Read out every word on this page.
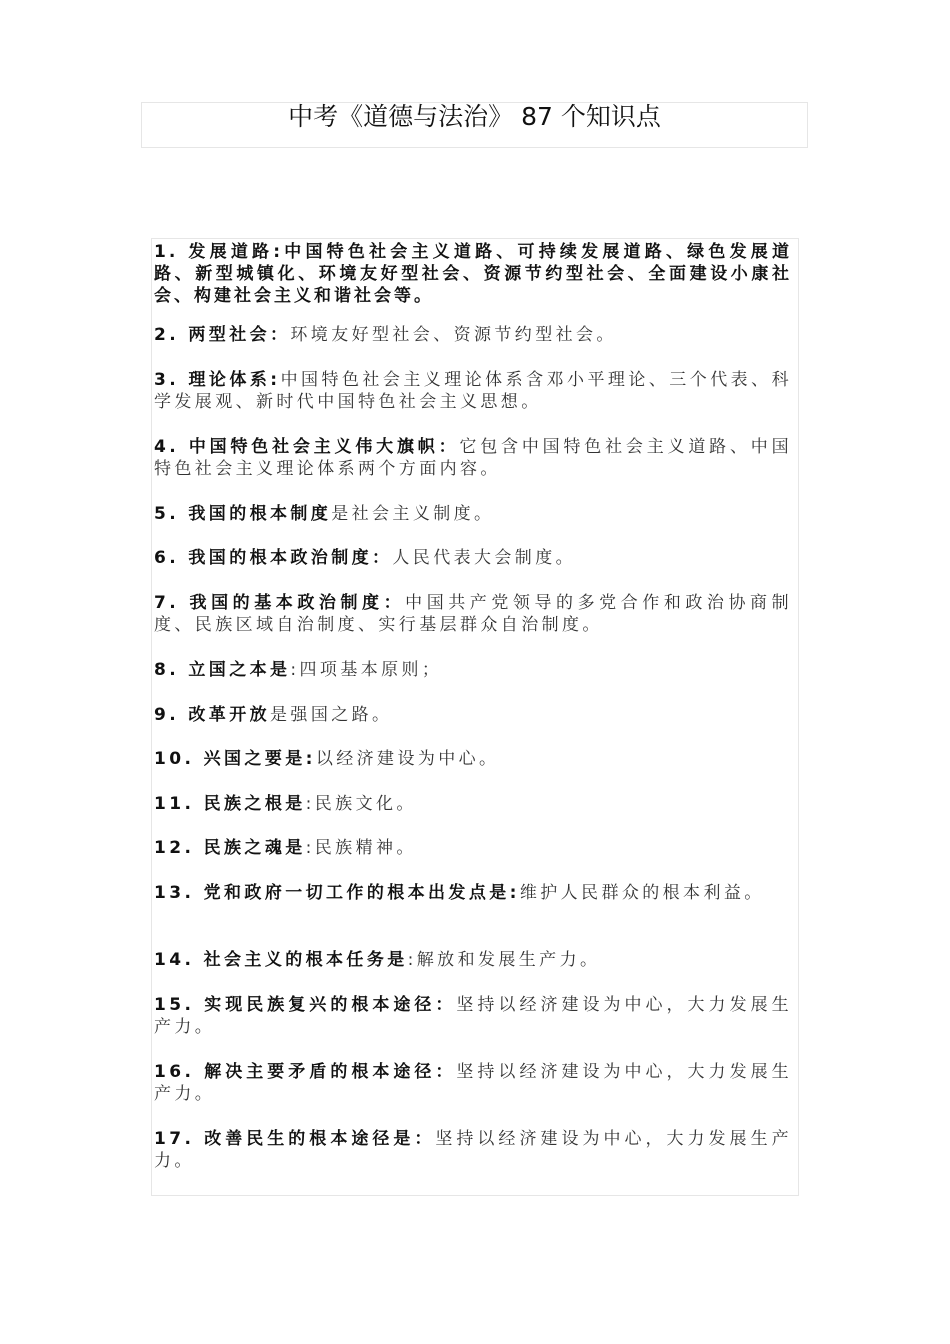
中考《道德与法治》 87 个知识点
1. 发展道路:中国特色社会主义道路、可持续发展道路、绿色发展道路、新型城镇化、环境友好型社会、资源节约型社会、全面建设小康社会、构建社会主义和谐社会等。
2. 两型社会：环境友好型社会、资源节约型社会。
3. 理论体系:中国特色社会主义理论体系含邓小平理论、三个代表、科学发展观、新时代中国特色社会主义思想。
4. 中国特色社会主义伟大旗帜：它包含中国特色社会主义道路、中国特色社会主义理论体系两个方面内容。
5. 我国的根本制度是社会主义制度。
6. 我国的根本政治制度：人民代表大会制度。
7. 我国的基本政治制度：中国共产党领导的多党合作和政治协商制度、民族区域自治制度、实行基层群众自治制度。
8. 立国之本是:四项基本原则；
9. 改革开放是强国之路。
10. 兴国之要是:以经济建设为中心。
11. 民族之根是:民族文化。
12. 民族之魂是:民族精神。
13. 党和政府一切工作的根本出发点是:维护人民群众的根本利益。
14. 社会主义的根本任务是:解放和发展生产力。
15. 实现民族复兴的根本途径：坚持以经济建设为中心，大力发展生产力。
16. 解决主要矛盾的根本途径：坚持以经济建设为中心，大力发展生产力。
17. 改善民生的根本途径是：坚持以经济建设为中心，大力发展生产力。
